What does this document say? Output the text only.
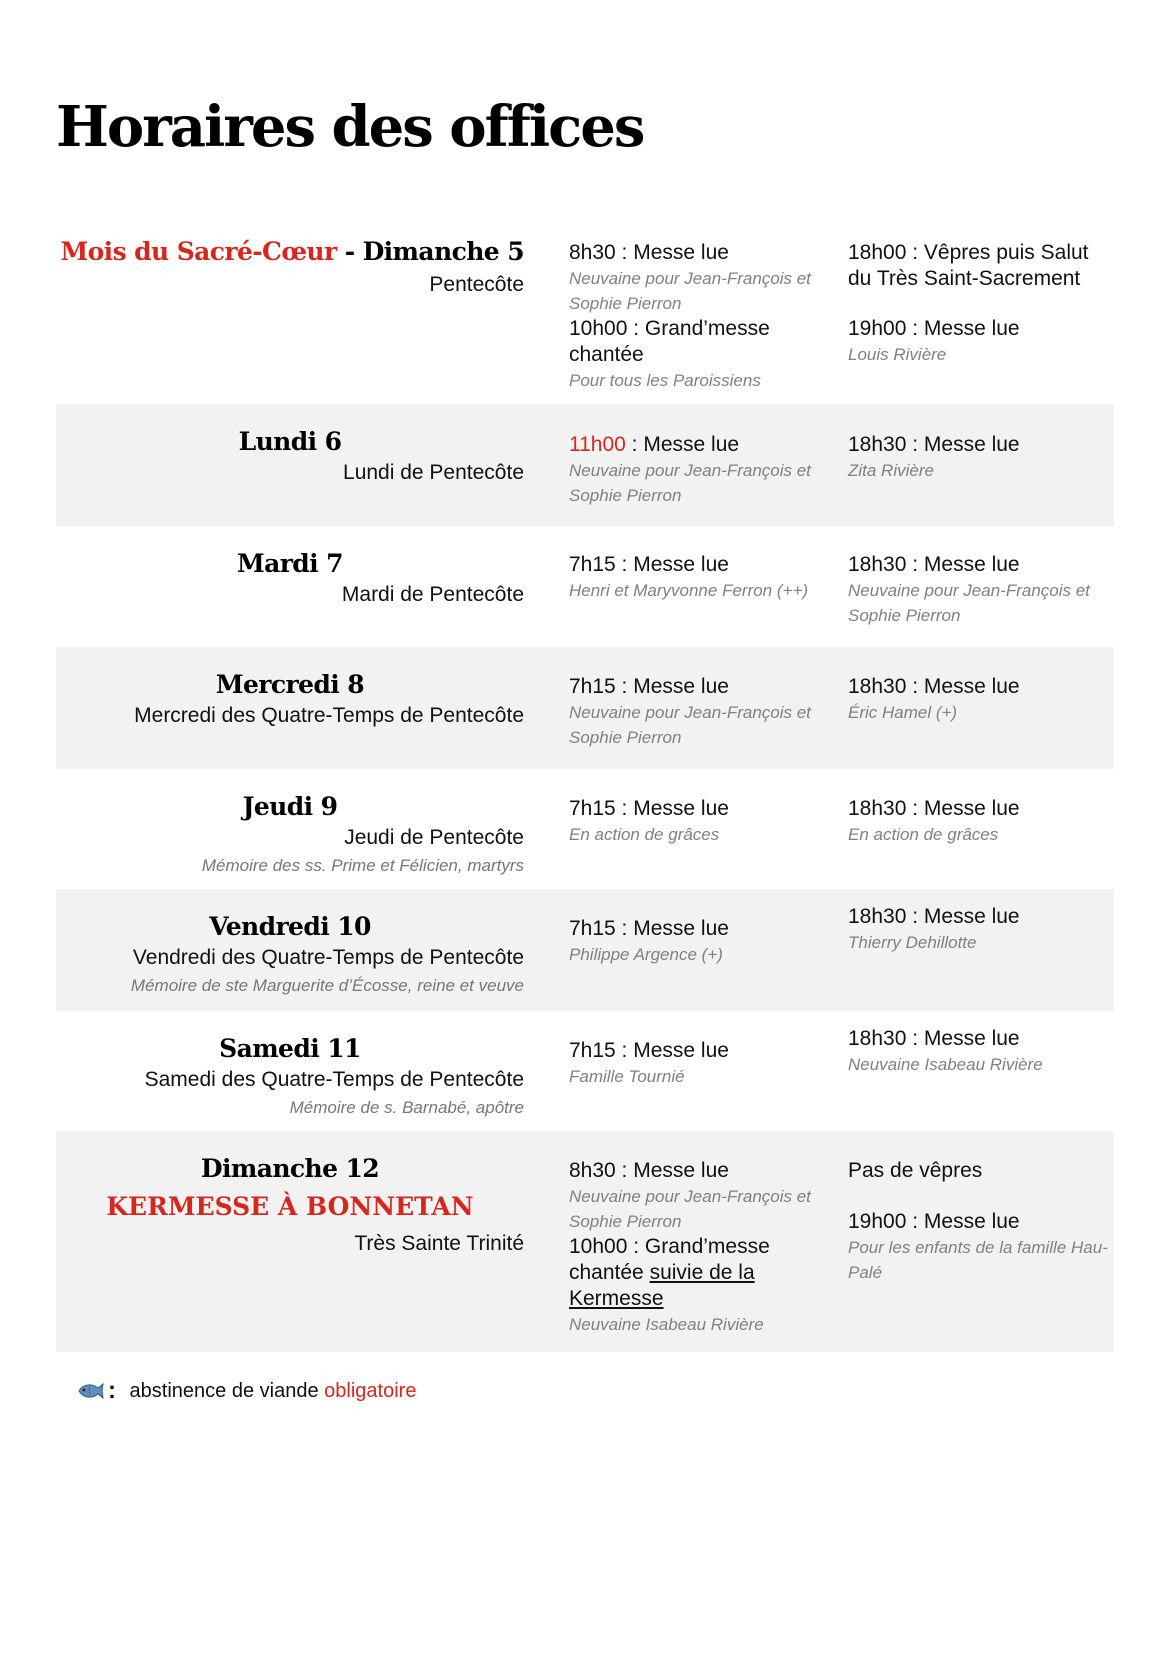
Horaires des offices
Mois du Sacré-Cœur - Dimanche 5
Pentecôte
8h30 : Messe lue
Neuvaine pour Jean-François et Sophie Pierron
10h00 : Grand’messe chantée
Pour tous les Paroissiens
18h00 : Vêpres puis Salut du Très Saint-Sacrement
19h00 : Messe lue
Louis Rivière
Lundi 6
Lundi de Pentecôte
11h00 : Messe lue
Neuvaine pour Jean-François et Sophie Pierron
18h30 : Messe lue
Zita Rivière
Mardi 7
Mardi de Pentecôte
7h15 : Messe lue
Henri et Maryvonne Ferron (++)
18h30 : Messe lue
Neuvaine pour Jean-François et Sophie Pierron
Mercredi 8
Mercredi des Quatre-Temps de Pentecôte
7h15 : Messe lue
Neuvaine pour Jean-François et Sophie Pierron
18h30 : Messe lue
Éric Hamel (+)
Jeudi 9
Jeudi de Pentecôte
Mémoire des ss. Prime et Félicien, martyrs
7h15 : Messe lue
En action de grâces
18h30 : Messe lue
En action de grâces
Vendredi 10
Vendredi des Quatre-Temps de Pentecôte
Mémoire de ste Marguerite d’Écosse, reine et veuve
7h15 : Messe lue
Philippe Argence (+)
18h30 : Messe lue
Thierry Dehillotte
Samedi 11
Samedi des Quatre-Temps de Pentecôte
Mémoire de s. Barnabé, apôtre
7h15 : Messe lue
Famille Tournié
18h30 : Messe lue
Neuvaine Isabeau Rivière
Dimanche 12
KERMESSE À BONNETAN
Très Sainte Trinité
8h30 : Messe lue
Neuvaine pour Jean-François et Sophie Pierron
10h00 : Grand’messe chantée suivie de la Kermesse
Neuvaine Isabeau Rivière
Pas de vêpres
19h00 : Messe lue
Pour les enfants de la famille Hau-Palé
: abstinence de viande obligatoire
